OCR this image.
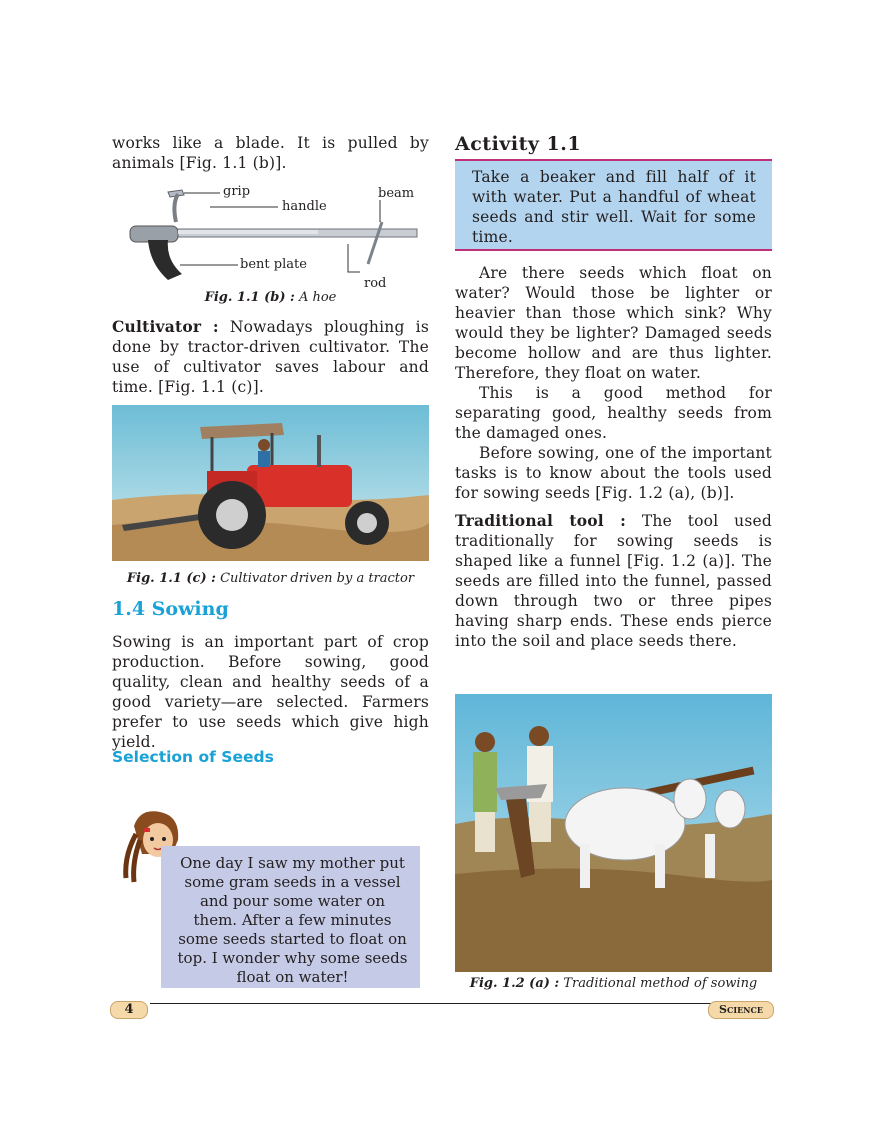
works like a blade. It is pulled by animals [Fig. 1.1 (b)].

grip
handle
beam
bent plate
rod
Fig. 1.1 (b) : A hoe

Cultivator : Nowadays ploughing is done by tractor-driven cultivator. The use of cultivator saves labour and time. [Fig. 1.1 (c)].

Fig. 1.1 (c) : Cultivator driven by a tractor
1.4 Sowing

Sowing is an important part of crop production. Before sowing, good quality, clean and healthy seeds of a good variety—are selected. Farmers prefer to use seeds which give high yield.

Selection of Seeds
One day I saw my mother put some gram seeds in a vessel and pour some water on them. After a few minutes some seeds started to float on top. I wonder why some seeds float on water!
Activity 1.1

Take a beaker and fill half of it with water. Put a handful of wheat seeds and stir well. Wait for some time.

Are there seeds which float on water? Would those be lighter or heavier than those which sink? Why would they be lighter? Damaged seeds become hollow and are thus lighter. Therefore, they float on water.

This is a good method for separating good, healthy seeds from the damaged ones.

Before sowing, one of the important tasks is to know about the tools used for sowing seeds [Fig. 1.2 (a), (b)].

Traditional tool : The tool used traditionally for sowing seeds is shaped like a funnel [Fig. 1.2 (a)]. The seeds are filled into the funnel, passed down through two or three pipes having sharp ends. These ends pierce into the soil and place seeds there.

Fig. 1.2 (a) : Traditional method of sowing
4	Science
